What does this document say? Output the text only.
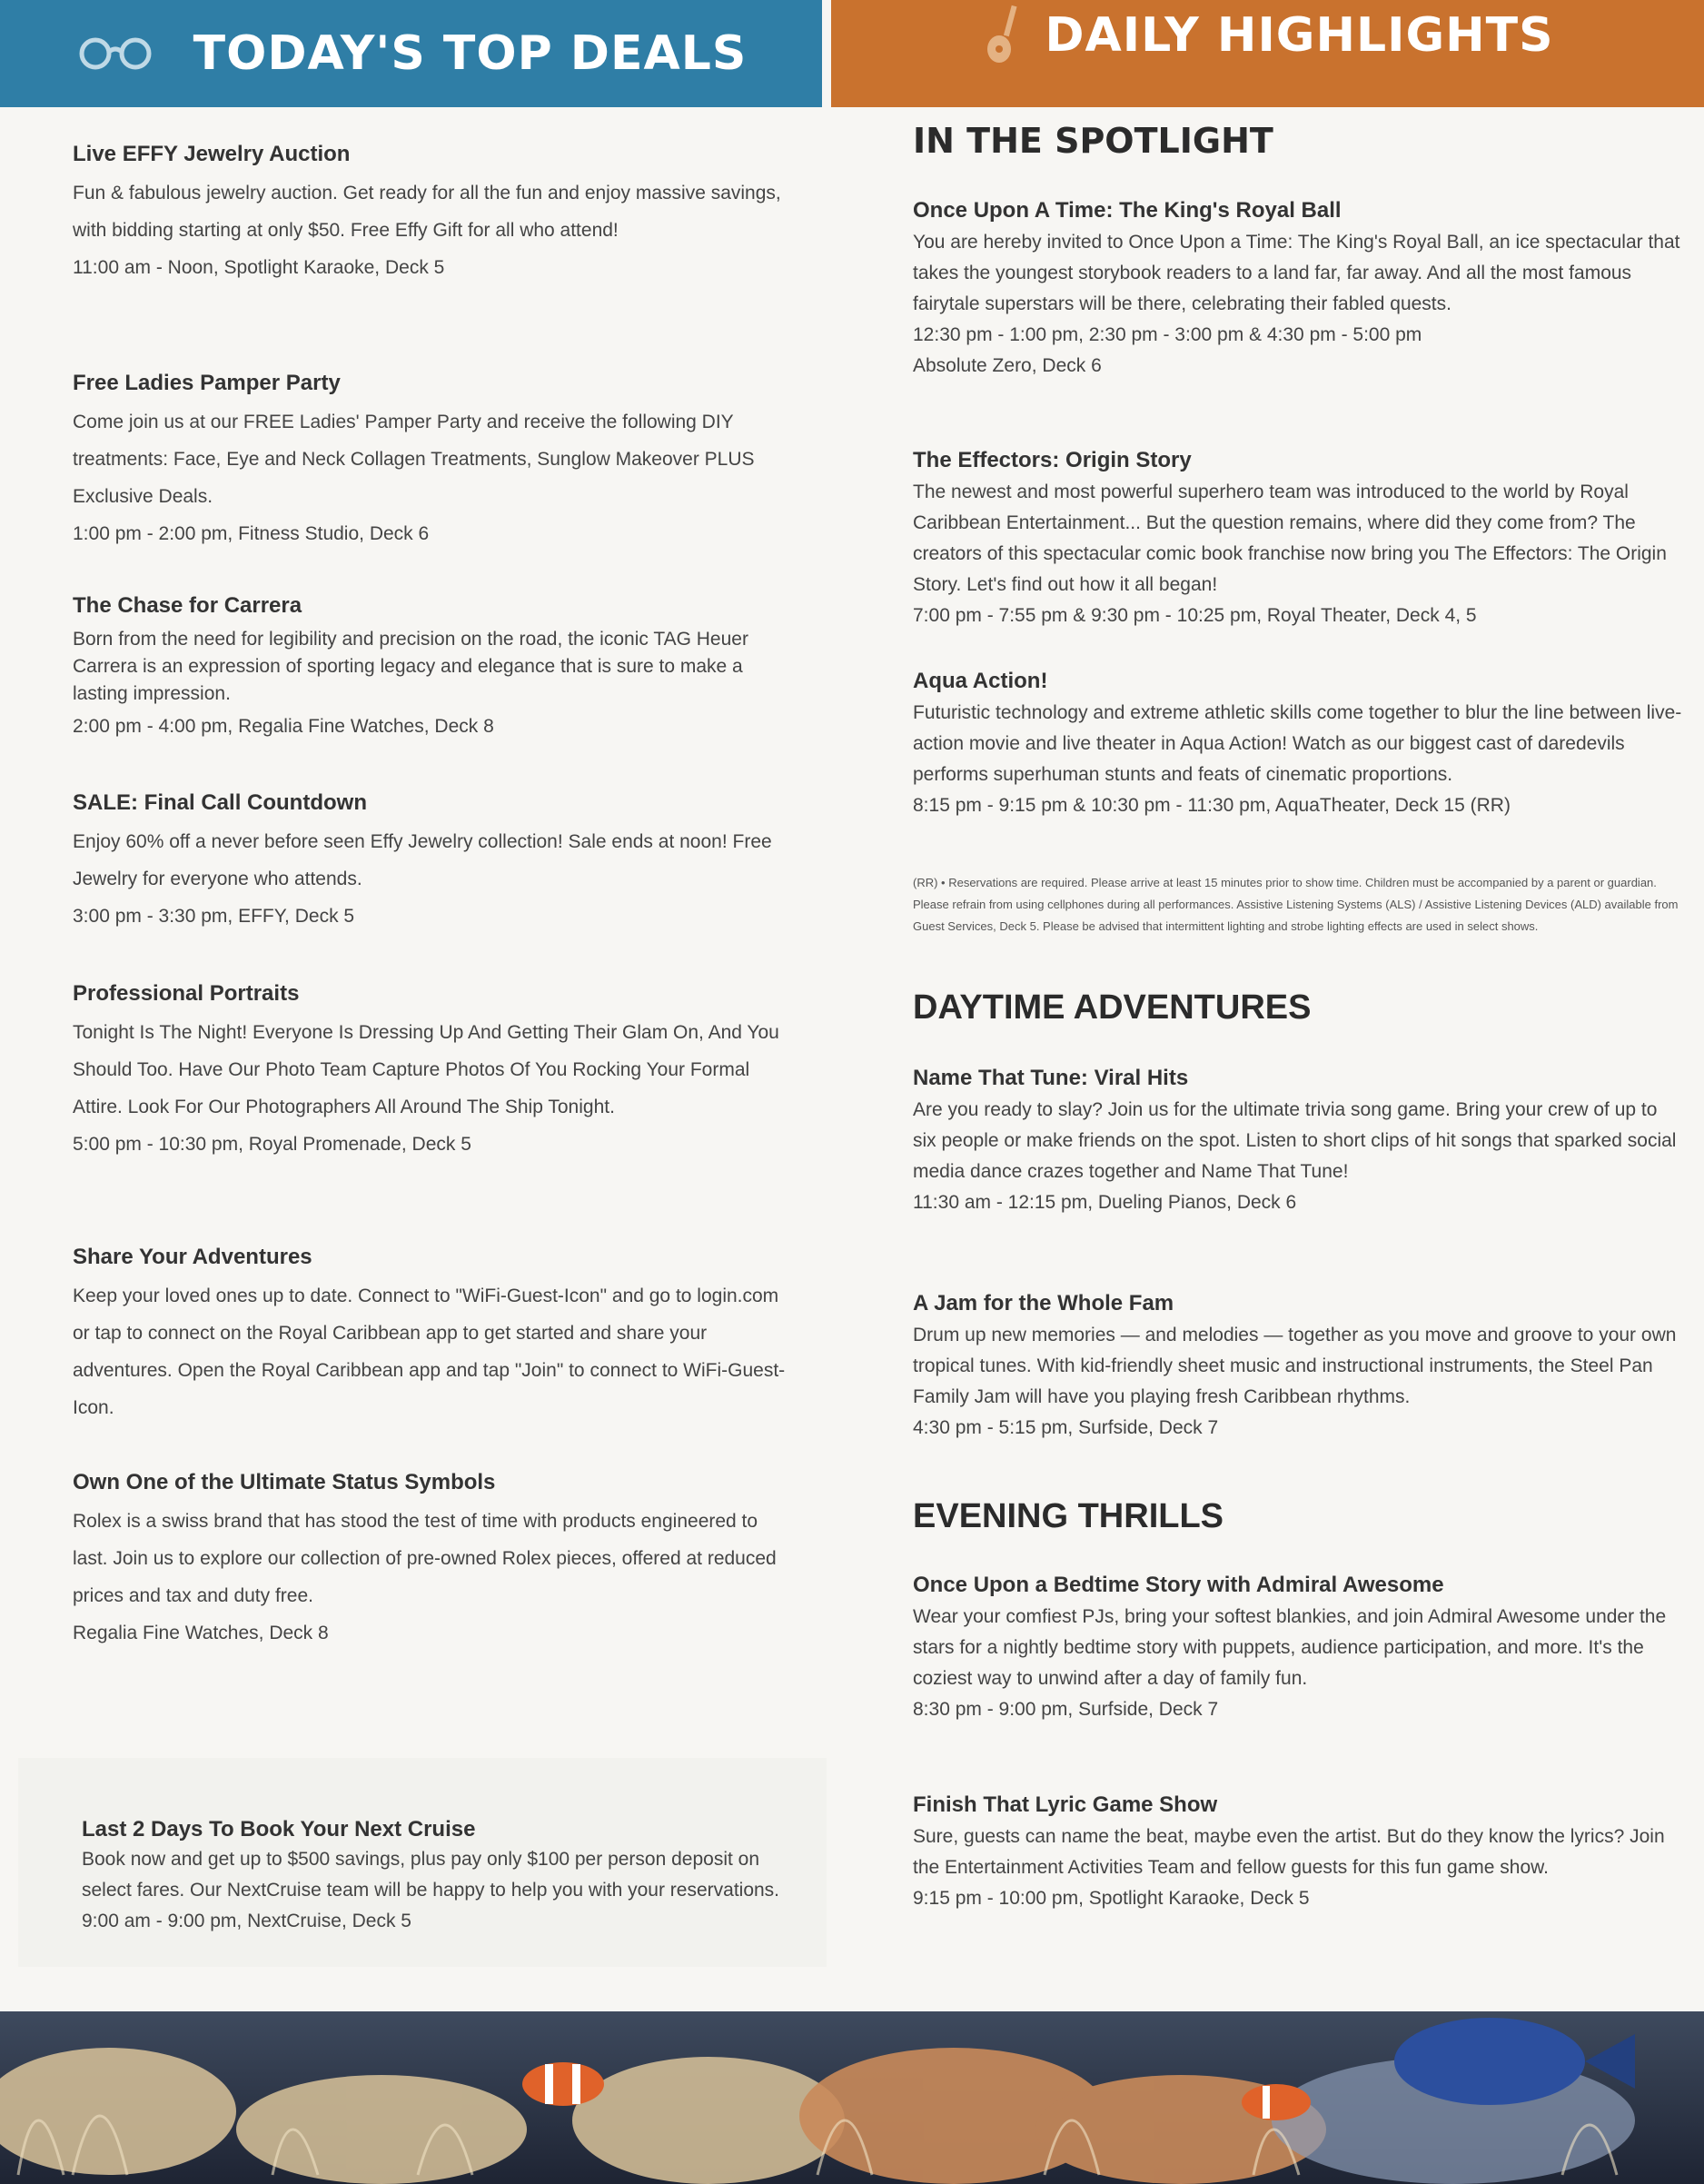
TODAY'S TOP DEALS	DAILY HIGHLIGHTS
Live EFFY Jewelry Auction
Fun & fabulous jewelry auction. Get ready for all the fun and enjoy massive savings, with bidding starting at only $50. Free Effy Gift for all who attend!
11:00 am - Noon, Spotlight Karaoke, Deck 5
Free Ladies Pamper Party
Come join us at our FREE Ladies' Pamper Party and receive the following DIY treatments: Face, Eye and Neck Collagen Treatments, Sunglow Makeover PLUS Exclusive Deals.
1:00 pm - 2:00 pm, Fitness Studio, Deck 6
The Chase for Carrera
Born from the need for legibility and precision on the road, the iconic TAG Heuer Carrera is an expression of sporting legacy and elegance that is sure to make a lasting impression.
2:00 pm - 4:00 pm, Regalia Fine Watches, Deck 8
SALE: Final Call Countdown
Enjoy 60% off a never before seen Effy Jewelry collection! Sale ends at noon! Free Jewelry for everyone who attends.
3:00 pm - 3:30 pm, EFFY, Deck 5
Professional Portraits
Tonight Is The Night! Everyone Is Dressing Up And Getting Their Glam On, And You Should Too. Have Our Photo Team Capture Photos Of You Rocking Your Formal Attire. Look For Our Photographers All Around The Ship Tonight.
5:00 pm - 10:30 pm, Royal Promenade, Deck 5
Share Your Adventures
Keep your loved ones up to date. Connect to "WiFi-Guest-Icon" and go to login.com or tap to connect on the Royal Caribbean app to get started and share your adventures. Open the Royal Caribbean app and tap "Join" to connect to WiFi-Guest-Icon.
Own One of the Ultimate Status Symbols
Rolex is a swiss brand that has stood the test of time with products engineered to last. Join us to explore our collection of pre-owned Rolex pieces, offered at reduced prices and tax and duty free.
Regalia Fine Watches, Deck 8
Last 2 Days To Book Your Next Cruise
Book now and get up to $500 savings, plus pay only $100 per person deposit on select fares. Our NextCruise team will be happy to help you with your reservations.
9:00 am - 9:00 pm, NextCruise, Deck 5
IN THE SPOTLIGHT
Once Upon A Time: The King's Royal Ball
You are hereby invited to Once Upon a Time: The King's Royal Ball, an ice spectacular that takes the youngest storybook readers to a land far, far away. And all the most famous fairytale superstars will be there, celebrating their fabled quests.
12:30 pm - 1:00 pm, 2:30 pm - 3:00 pm & 4:30 pm - 5:00 pm
Absolute Zero, Deck 6
The Effectors: Origin Story
The newest and most powerful superhero team was introduced to the world by Royal Caribbean Entertainment... But the question remains, where did they come from? The creators of this spectacular comic book franchise now bring you The Effectors: The Origin Story. Let's find out how it all began!
7:00 pm - 7:55 pm & 9:30 pm - 10:25 pm, Royal Theater, Deck 4, 5
Aqua Action!
Futuristic technology and extreme athletic skills come together to blur the line between live-action movie and live theater in Aqua Action! Watch as our biggest cast of daredevils performs superhuman stunts and feats of cinematic proportions.
8:15 pm - 9:15 pm & 10:30 pm - 11:30 pm, AquaTheater, Deck 15 (RR)
(RR) • Reservations are required. Please arrive at least 15 minutes prior to show time. Children must be accompanied by a parent or guardian. Please refrain from using cellphones during all performances. Assistive Listening Systems (ALS) / Assistive Listening Devices (ALD) available from Guest Services, Deck 5. Please be advised that intermittent lighting and strobe lighting effects are used in select shows.
DAYTIME ADVENTURES
Name That Tune: Viral Hits
Are you ready to slay? Join us for the ultimate trivia song game. Bring your crew of up to six people or make friends on the spot. Listen to short clips of hit songs that sparked social media dance crazes together and Name That Tune!
11:30 am - 12:15 pm, Dueling Pianos, Deck 6
A Jam for the Whole Fam
Drum up new memories — and melodies — together as you move and groove to your own tropical tunes. With kid-friendly sheet music and instructional instruments, the Steel Pan Family Jam will have you playing fresh Caribbean rhythms.
4:30 pm - 5:15 pm, Surfside, Deck 7
EVENING THRILLS
Once Upon a Bedtime Story with Admiral Awesome
Wear your comfiest PJs, bring your softest blankies, and join Admiral Awesome under the stars for a nightly bedtime story with puppets, audience participation, and more. It's the coziest way to unwind after a day of family fun.
8:30 pm - 9:00 pm, Surfside, Deck 7
Finish That Lyric Game Show
Sure, guests can name the beat, maybe even the artist. But do they know the lyrics? Join the Entertainment Activities Team and fellow guests for this fun game show.
9:15 pm - 10:00 pm, Spotlight Karaoke, Deck 5
